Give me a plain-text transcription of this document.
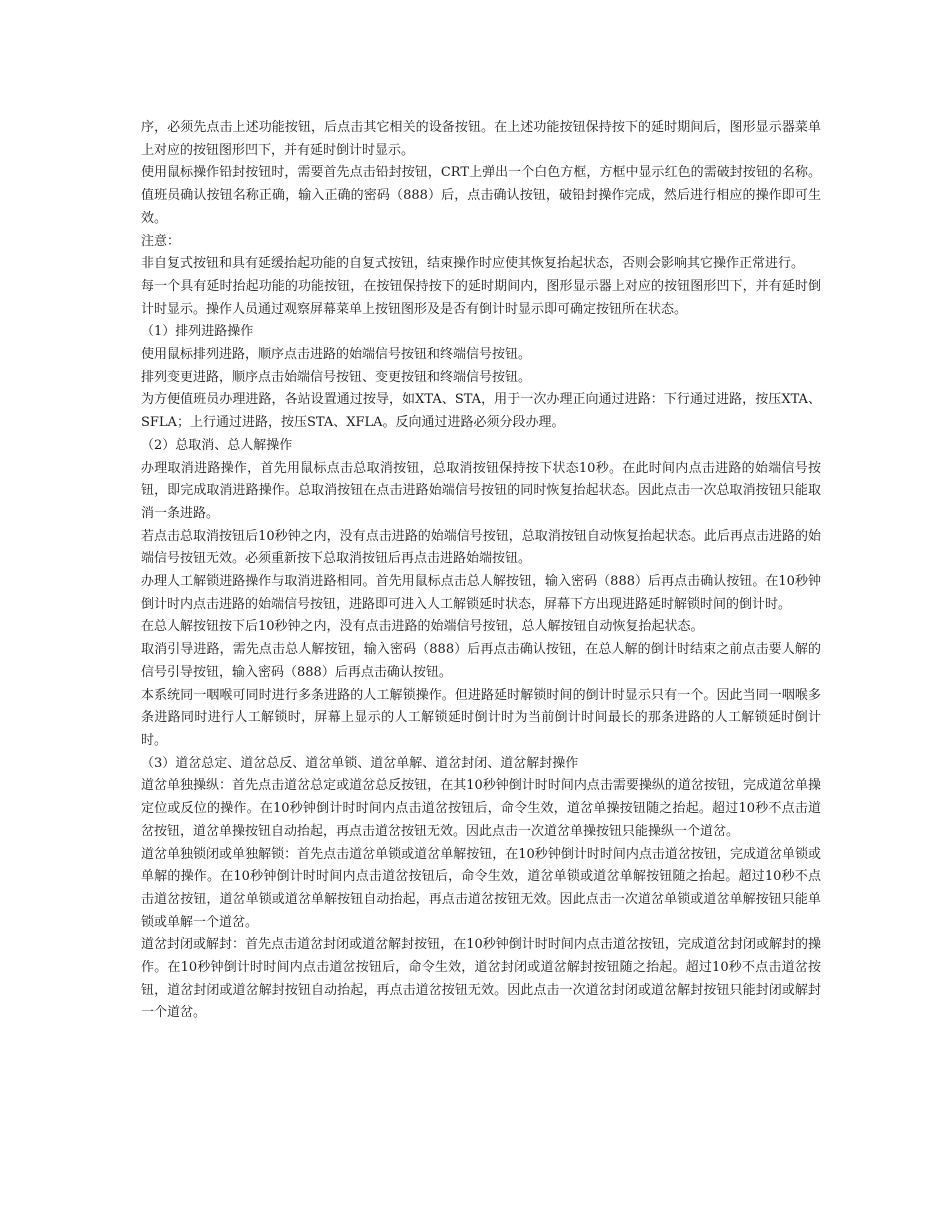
序，必须先点击上述功能按钮，后点击其它相关的设备按钮。在上述功能按钮保持按下的延时期间后，图形显示器菜单上对应的按钮图形凹下，并有延时倒计时显示。

使用鼠标操作铅封按钮时，需要首先点击铅封按钮，CRT上弹出一个白色方框，方框中显示红色的需破封按钮的名称。值班员确认按钮名称正确，输入正确的密码（888）后，点击确认按钮，破铅封操作完成，然后进行相应的操作即可生效。

注意：

非自复式按钮和具有延缓抬起功能的自复式按钮，结束操作时应使其恢复抬起状态，否则会影响其它操作正常进行。

每一个具有延时抬起功能的功能按钮，在按钮保持按下的延时期间内，图形显示器上对应的按钮图形凹下，并有延时倒计时显示。操作人员通过观察屏幕菜单上按钮图形及是否有倒计时显示即可确定按钮所在状态。

（1）排列进路操作

使用鼠标排列进路，顺序点击进路的始端信号按钮和终端信号按钮。

排列变更进路，顺序点击始端信号按钮、变更按钮和终端信号按钮。

为方便值班员办理进路，各站设置通过按导，如XTA、STA，用于一次办理正向通过进路：下行通过进路，按压XTA、SFLA；上行通过进路，按压STA、XFLA。反向通过进路必须分段办理。

（2）总取消、总人解操作

办理取消进路操作，首先用鼠标点击总取消按钮，总取消按钮保持按下状态10秒。在此时间内点击进路的始端信号按钮，即完成取消进路操作。总取消按钮在点击进路始端信号按钮的同时恢复抬起状态。因此点击一次总取消按钮只能取消一条进路。

若点击总取消按钮后10秒钟之内，没有点击进路的始端信号按钮，总取消按钮自动恢复抬起状态。此后再点击进路的始端信号按钮无效。必须重新按下总取消按钮后再点击进路始端按钮。

办理人工解锁进路操作与取消进路相同。首先用鼠标点击总人解按钮，输入密码（888）后再点击确认按钮。在10秒钟倒计时内点击进路的始端信号按钮，进路即可进入人工解锁延时状态，屏幕下方出现进路延时解锁时间的倒计时。

在总人解按钮按下后10秒钟之内，没有点击进路的始端信号按钮，总人解按钮自动恢复抬起状态。

取消引导进路，需先点击总人解按钮，输入密码（888）后再点击确认按钮，在总人解的倒计时结束之前点击要人解的信号引导按钮，输入密码（888）后再点击确认按钮。

本系统同一咽喉可同时进行多条进路的人工解锁操作。但进路延时解锁时间的倒计时显示只有一个。因此当同一咽喉多条进路同时进行人工解锁时，屏幕上显示的人工解锁延时倒计时为当前倒计时间最长的那条进路的人工解锁延时倒计时。

（3）道岔总定、道岔总反、道岔单锁、道岔单解、道岔封闭、道岔解封操作

道岔单独操纵：首先点击道岔总定或道岔总反按钮，在其10秒钟倒计时时间内点击需要操纵的道岔按钮，完成道岔单操定位或反位的操作。在10秒钟倒计时时间内点击道岔按钮后，命令生效，道岔单操按钮随之抬起。超过10秒不点击道岔按钮，道岔单操按钮自动抬起，再点击道岔按钮无效。因此点击一次道岔单操按钮只能操纵一个道岔。

道岔单独锁闭或单独解锁：首先点击道岔单锁或道岔单解按钮，在10秒钟倒计时时间内点击道岔按钮，完成道岔单锁或单解的操作。在10秒钟倒计时时间内点击道岔按钮后，命令生效，道岔单锁或道岔单解按钮随之抬起。超过10秒不点击道岔按钮，道岔单锁或道岔单解按钮自动抬起，再点击道岔按钮无效。因此点击一次道岔单锁或道岔单解按钮只能单锁或单解一个道岔。

道岔封闭或解封：首先点击道岔封闭或道岔解封按钮，在10秒钟倒计时时间内点击道岔按钮，完成道岔封闭或解封的操作。在10秒钟倒计时时间内点击道岔按钮后，命令生效，道岔封闭或道岔解封按钮随之抬起。超过10秒不点击道岔按钮，道岔封闭或道岔解封按钮自动抬起，再点击道岔按钮无效。因此点击一次道岔封闭或道岔解封按钮只能封闭或解封一个道岔。
